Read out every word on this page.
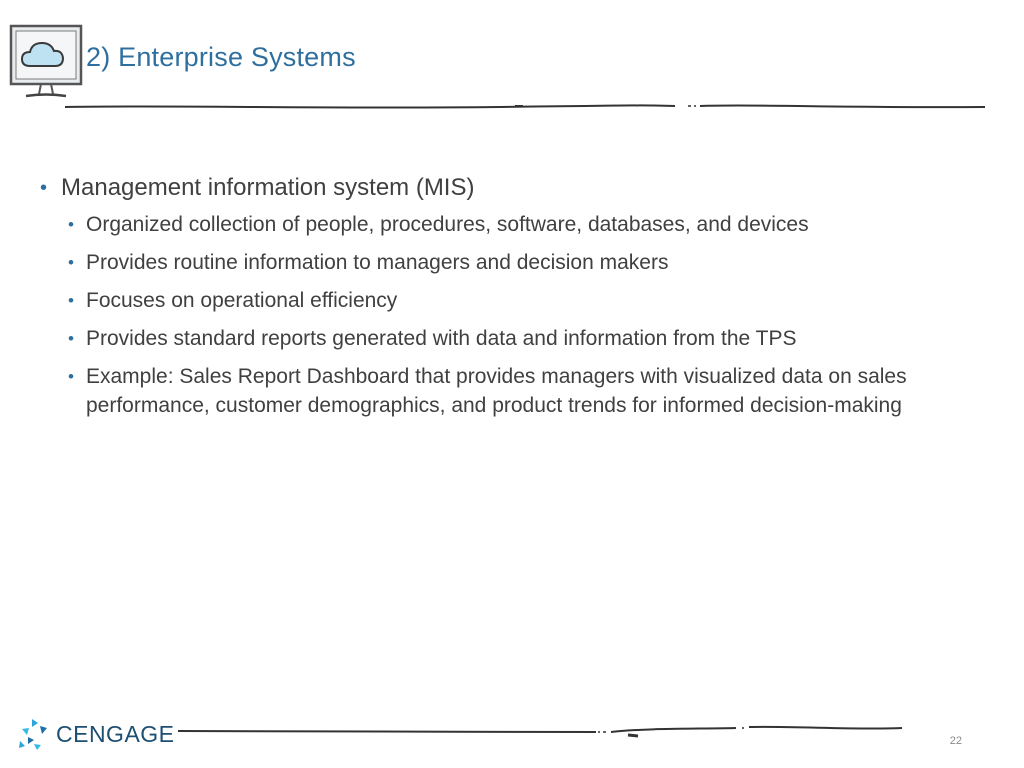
2) Enterprise Systems
• Management information system (MIS)
• Organized collection of people, procedures, software, databases, and devices
• Provides routine information to managers and decision makers
• Focuses on operational efficiency
• Provides standard reports generated with data and information from the TPS
• Example: Sales Report Dashboard that provides managers with visualized data on sales performance, customer demographics, and product trends for informed decision-making
CENGAGE	22
